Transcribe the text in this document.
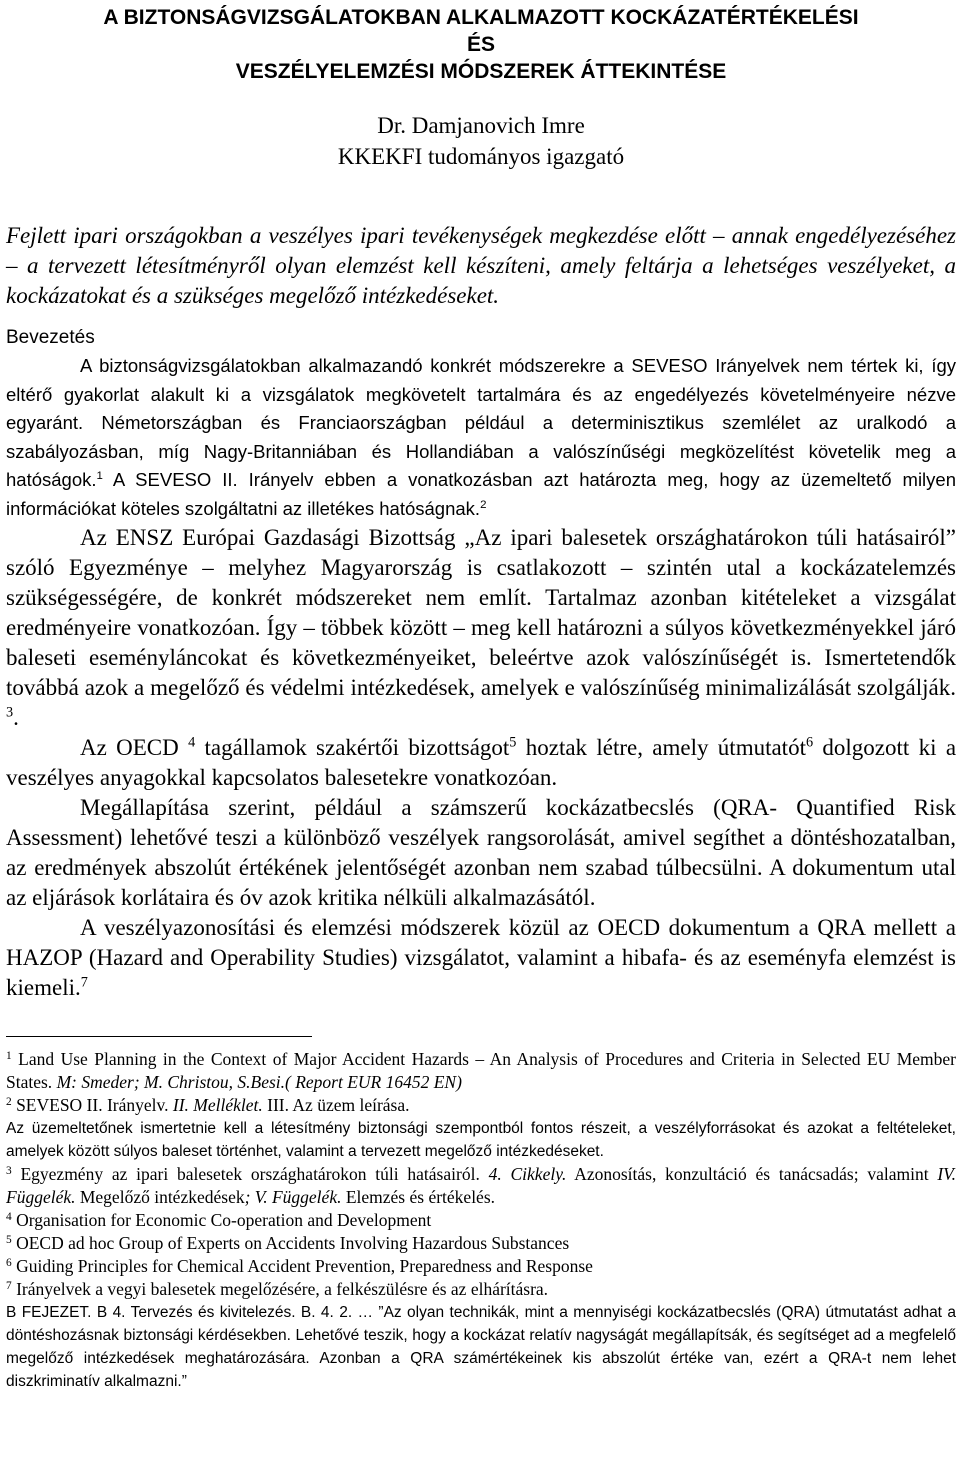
A BIZTONSÁGVIZSGÁLATOKBAN ALKALMAZOTT KOCKÁZATÉRTÉKELÉSI
ÉS
VESZÉLYELEMZÉSI MÓDSZEREK ÁTTEKINTÉSE
Dr. Damjanovich Imre
KKEKFI tudományos igazgató
Fejlett ipari országokban a veszélyes ipari tevékenységek megkezdése előtt – annak engedélyezéséhez – a tervezett létesítményről olyan elemzést kell készíteni, amely feltárja a lehetséges veszélyeket, a kockázatokat és a szükséges megelőző intézkedéseket.
Bevezetés
A biztonságvizsgálatokban alkalmazandó konkrét módszerekre a SEVESO Irányelvek nem tértek ki, így eltérő gyakorlat alakult ki a vizsgálatok megkövetelt tartalmára és az engedélyezés követelményeire nézve egyaránt. Németországban és Franciaországban például a determinisztikus szemlélet az uralkodó a szabályozásban, míg Nagy-Britanniában és Hollandiában a valószínűségi megközelítést követelik meg a hatóságok.$^1$ A SEVESO II. Irányelv ebben a vonatkozásban azt határozta meg, hogy az üzemeltető milyen információkat köteles szolgáltatni az illetékes hatóságnak.$^2$
Az ENSZ Európai Gazdasági Bizottság „Az ipari balesetek országhatárokon túli hatásairól” szóló Egyezménye – melyhez Magyarország is csatlakozott – szintén utal a kockázatelemzés szükségességére, de konkrét módszereket nem említ. Tartalmaz azonban kitételeket a vizsgálat eredményeire vonatkozóan. Így – többek között – meg kell határozni a súlyos következményekkel járó baleseti eseményláncokat és következményeiket, beleértve azok valószínűségét is. Ismertetendők továbbá azok a megelőző és védelmi intézkedések, amelyek e valószínűség minimalizálását szolgálják. $^3$.
Az OECD $^4$ tagállamok szakértői bizottságot$^5$ hoztak létre, amely útmutatót$^6$ dolgozott ki a veszélyes anyagokkal kapcsolatos balesetekre vonatkozóan.
Megállapítása szerint, például a számszerű kockázatbecslés (QRA- Quantified Risk Assessment) lehetővé teszi a különböző veszélyek rangsorolását, amivel segíthet a döntéshozatalban, az eredmények abszolút értékének jelentőségét azonban nem szabad túlbecsülni. A dokumentum utal az eljárások korlátaira és óv azok kritika nélküli alkalmazásától.
A veszélyazonosítási és elemzési módszerek közül az OECD dokumentum a QRA mellett a HAZOP (Hazard and Operability Studies) vizsgálatot, valamint a hibafa- és az eseményfa elemzést is kiemeli.$^7$
$^1$ Land Use Planning in the Context of Major Accident Hazards – An Analysis of Procedures and Criteria in Selected EU Member States. M: Smeder; M. Christou, S.Besi.( Report EUR 16452 EN)
$^2$ SEVESO II. Irányelv. II. Melléklet. III. Az üzem leírása.
Az üzemeltetőnek ismertetnie kell a létesítmény biztonsági szempontból fontos részeit, a veszélyforrásokat és azokat a feltételeket, amelyek között súlyos baleset történhet, valamint a tervezett megelőző intézkedéseket.
$^3$ Egyezmény az ipari balesetek országhatárokon túli hatásairól. 4. Cikkely. Azonosítás, konzultáció és tanácsadás; valamint IV. Függelék. Megelőző intézkedések; V. Függelék. Elemzés és értékelés.
$^4$ Organisation for Economic Co-operation and Development
$^5$ OECD ad hoc Group of Experts on Accidents Involving Hazardous Substances
$^6$ Guiding Principles for Chemical Accident Prevention, Preparedness and Response
$^7$ Irányelvek a vegyi balesetek megelőzésére, a felkészülésre és az elhárításra.
B FEJEZET. B 4. Tervezés és kivitelezés. B. 4. 2. … ”Az olyan technikák, mint a mennyiségi kockázatbecslés (QRA) útmutatást adhat a döntéshozásnak biztonsági kérdésekben. Lehetővé teszik, hogy a kockázat relatív nagyságát megállapítsák, és segítséget ad a megfelelő megelőző intézkedések meghatározására. Azonban a QRA számértékeinek kis abszolút értéke van, ezért a QRA-t nem lehet diszkriminatív alkalmazni.”
